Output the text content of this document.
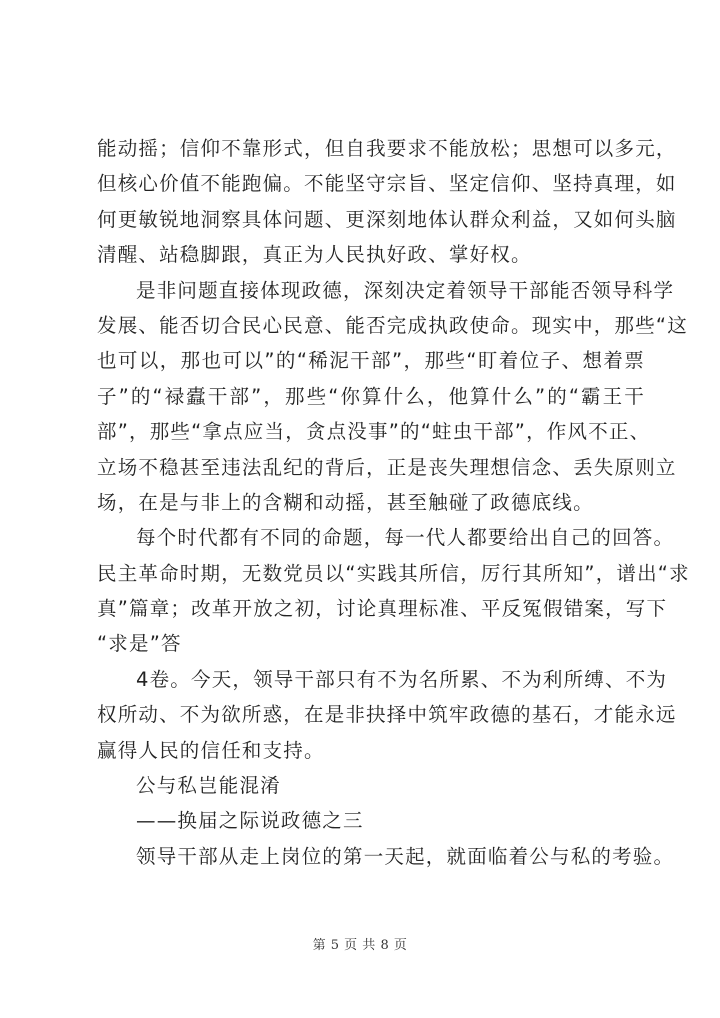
能动摇；信仰不靠形式，但自我要求不能放松；思想可以多元，
但核心价值不能跑偏。不能坚守宗旨、坚定信仰、坚持真理，如
何更敏锐地洞察具体问题、更深刻地体认群众利益，又如何头脑
清醒、站稳脚跟，真正为人民执好政、掌好权。
是非问题直接体现政德，深刻决定着领导干部能否领导科学
发展、能否切合民心民意、能否完成执政使命。现实中，那些“这
也可以，那也可以”的“稀泥干部”，那些“盯着位子、想着票
子”的“禄蠹干部”，那些“你算什么，他算什么”的“霸王干
部”，那些“拿点应当，贪点没事”的“蛀虫干部”，作风不正、
立场不稳甚至违法乱纪的背后，正是丧失理想信念、丢失原则立
场，在是与非上的含糊和动摇，甚至触碰了政德底线。
每个时代都有不同的命题，每一代人都要给出自己的回答。
民主革命时期，无数党员以“实践其所信，厉行其所知”，谱出“求
真”篇章；改革开放之初，讨论真理标准、平反冤假错案，写下
“求是”答
4卷。今天，领导干部只有不为名所累、不为利所缚、不为
权所动、不为欲所惑，在是非抉择中筑牢政德的基石，才能永远
赢得人民的信任和支持。
公与私岂能混淆
——换届之际说政德之三
领导干部从走上岗位的第一天起，就面临着公与私的考验。
第 5 页 共 8 页
